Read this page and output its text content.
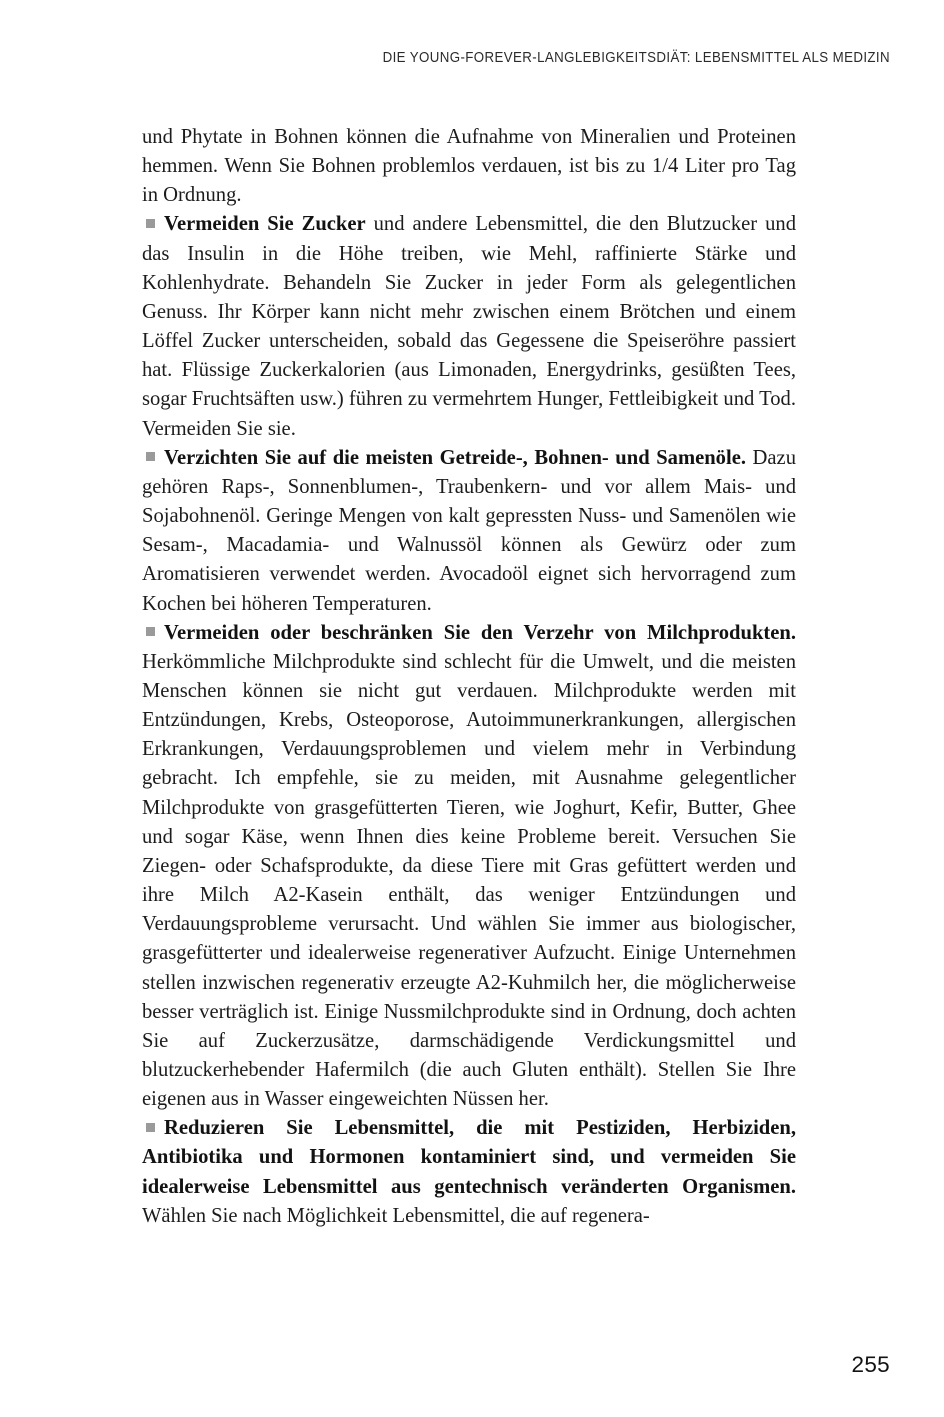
DIE YOUNG-FOREVER-LANGLEBIGKEITSDIÄT: LEBENSMITTEL ALS MEDIZIN

und Phytate in Bohnen können die Aufnahme von Mineralien und Proteinen hemmen. Wenn Sie Bohnen problemlos verdauen, ist bis zu 1/4 Liter pro Tag in Ordnung.

Vermeiden Sie Zucker und andere Lebensmittel, die den Blutzucker und das Insulin in die Höhe treiben, wie Mehl, raffinierte Stärke und Kohlenhydrate. Behandeln Sie Zucker in jeder Form als gelegentlichen Genuss. Ihr Körper kann nicht mehr zwischen einem Brötchen und einem Löffel Zucker unterscheiden, sobald das Gegessene die Speiseröhre passiert hat. Flüssige Zuckerkalorien (aus Limonaden, Energydrinks, gesüßten Tees, sogar Fruchtsäften usw.) führen zu vermehrtem Hunger, Fettleibigkeit und Tod. Vermeiden Sie sie.

Verzichten Sie auf die meisten Getreide-, Bohnen- und Samenöle. Dazu gehören Raps-, Sonnenblumen-, Traubenkern- und vor allem Mais- und Sojabohnenöl. Geringe Mengen von kalt gepressten Nuss- und Samenölen wie Sesam-, Macadamia- und Walnussöl können als Gewürz oder zum Aromatisieren verwendet werden. Avocadoöl eignet sich hervorragend zum Kochen bei höheren Temperaturen.

Vermeiden oder beschränken Sie den Verzehr von Milchprodukten. Herkömmliche Milchprodukte sind schlecht für die Umwelt, und die meisten Menschen können sie nicht gut verdauen. Milchprodukte werden mit Entzündungen, Krebs, Osteoporose, Autoimmunerkrankungen, allergischen Erkrankungen, Verdauungsproblemen und vielem mehr in Verbindung gebracht. Ich empfehle, sie zu meiden, mit Ausnahme gelegentlicher Milchprodukte von grasgefütterten Tieren, wie Joghurt, Kefir, Butter, Ghee und sogar Käse, wenn Ihnen dies keine Probleme bereit. Versuchen Sie Ziegen- oder Schafsprodukte, da diese Tiere mit Gras gefüttert werden und ihre Milch A2-Kasein enthält, das weniger Entzündungen und Verdauungsprobleme verursacht. Und wählen Sie immer aus biologischer, grasgefütterter und idealerweise regenerativer Aufzucht. Einige Unternehmen stellen inzwischen regenerativ erzeugte A2-Kuhmilch her, die möglicherweise besser verträglich ist. Einige Nussmilchprodukte sind in Ordnung, doch achten Sie auf Zuckerzusätze, darmschädigende Verdickungsmittel und blutzuckerhebender Hafermilch (die auch Gluten enthält). Stellen Sie Ihre eigenen aus in Wasser eingeweichten Nüssen her.

Reduzieren Sie Lebensmittel, die mit Pestiziden, Herbiziden, Antibiotika und Hormonen kontaminiert sind, und vermeiden Sie idealerweise Lebensmittel aus gentechnisch veränderten Organismen. Wählen Sie nach Möglichkeit Lebensmittel, die auf regenera-

255
